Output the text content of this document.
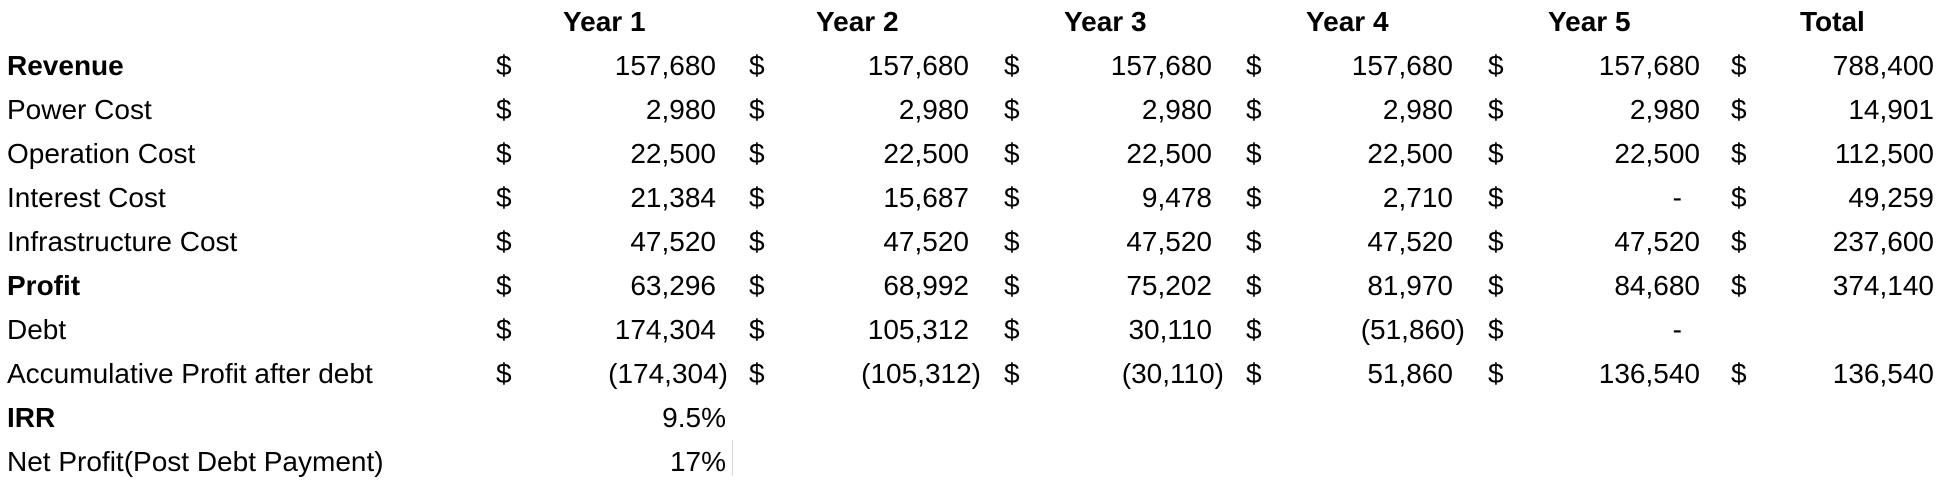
Year 1	Year 2	Year 3	Year 4	Year 5	Total
Revenue	$	157,680 $	157,680 $	157,680 $	157,680 $	157,680 $	788,400
Power Cost	$	2,980 $	2,980 $	2,980 $	2,980 $	2,980 $	14,901
Operation Cost	$	22,500 $	22,500 $	22,500 $	22,500 $	22,500 $	112,500
Interest Cost	$	21,384 $	15,687 $	9,478 $	2,710 $	- $	49,259
Infrastructure Cost	$	47,520 $	47,520 $	47,520 $	47,520 $	47,520 $	237,600
Profit	$	63,296 $	68,992 $	75,202 $	81,970 $	84,680 $	374,140
Debt	$	174,304 $	105,312 $	30,110 $	(51,860) $	-
Accumulative Profit after debt	$	(174,304) $	(105,312) $	(30,110) $	51,860 $	136,540 $	136,540
IRR	9.5%
Net Profit(Post Debt Payment)	17%
